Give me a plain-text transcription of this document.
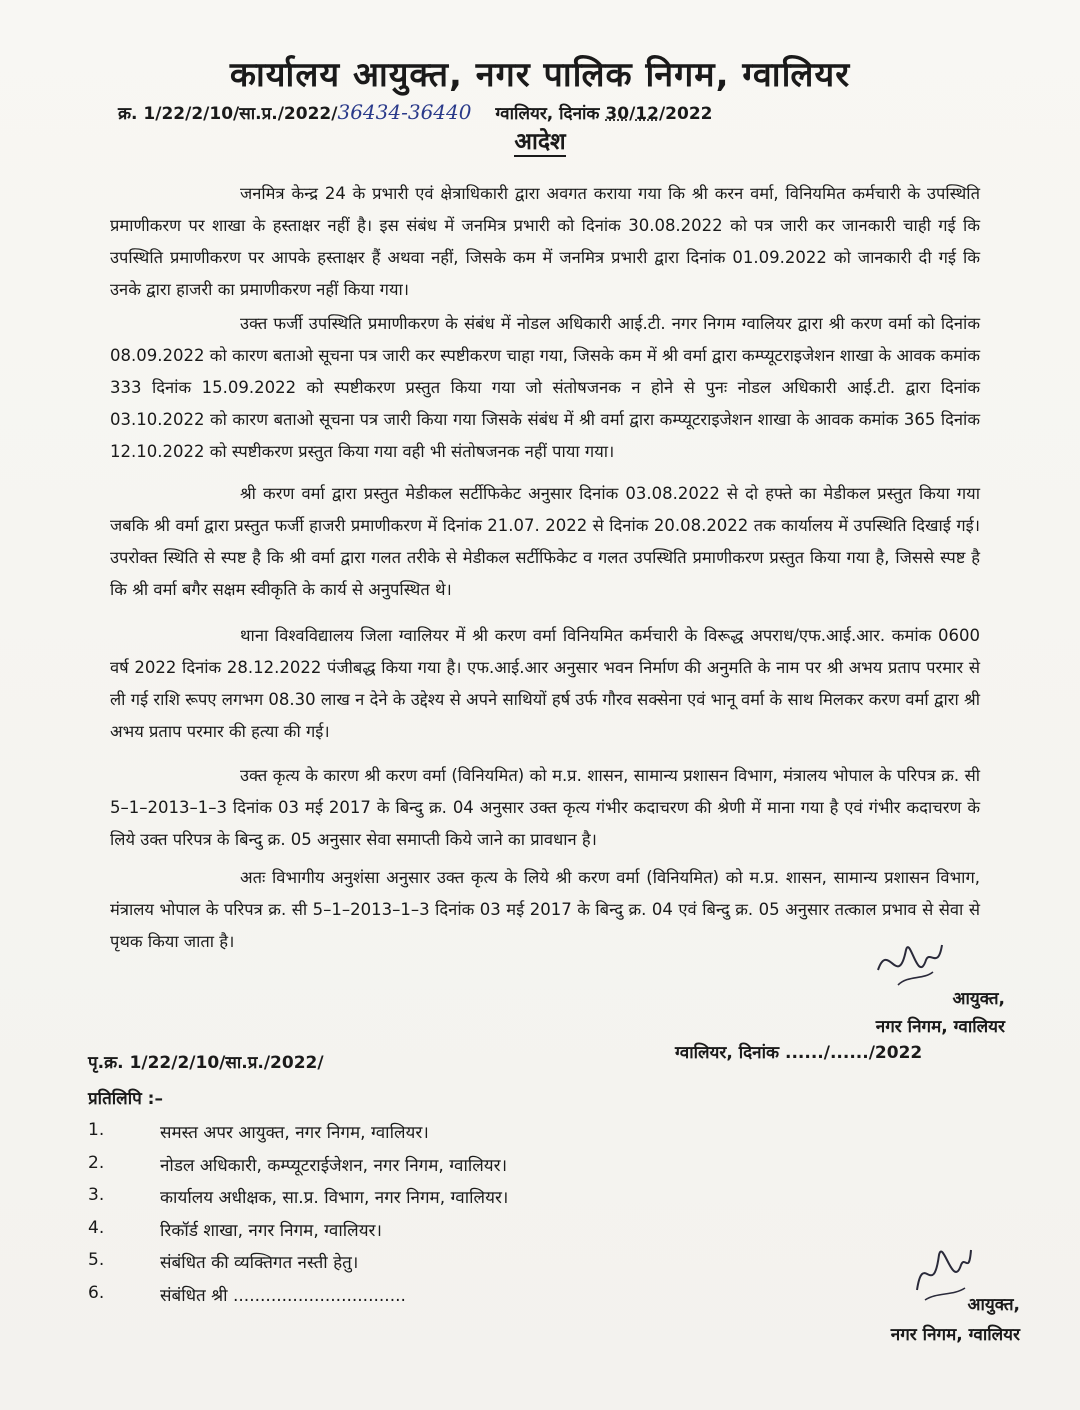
कार्यालय आयुक्त, नगर पालिक निगम, ग्वालियर
क्र. 1/22/2/10/सा.प्र./2022/36434-36440 ग्वालियर, दिनांक 30/12/2022
आदेश

जनमित्र केन्द्र 24 के प्रभारी एवं क्षेत्राधिकारी द्वारा अवगत कराया गया कि श्री करन वर्मा, विनियमित कर्मचारी के उपस्थिति प्रमाणीकरण पर शाखा के हस्ताक्षर नहीं है। इस संबंध में जनमित्र प्रभारी को दिनांक 30.08.2022 को पत्र जारी कर जानकारी चाही गई कि उपस्थिति प्रमाणीकरण पर आपके हस्ताक्षर हैं अथवा नहीं, जिसके कम में जनमित्र प्रभारी द्वारा दिनांक 01.09.2022 को जानकारी दी गई कि उनके द्वारा हाजरी का प्रमाणीकरण नहीं किया गया।

उक्त फर्जी उपस्थिति प्रमाणीकरण के संबंध में नोडल अधिकारी आई.टी. नगर निगम ग्वालियर द्वारा श्री करण वर्मा को दिनांक 08.09.2022 को कारण बताओ सूचना पत्र जारी कर स्पष्टीकरण चाहा गया, जिसके कम में श्री वर्मा द्वारा कम्प्यूटराइजेशन शाखा के आवक कमांक 333 दिनांक 15.09.2022 को स्पष्टीकरण प्रस्तुत किया गया जो संतोषजनक न होने से पुनः नोडल अधिकारी आई.टी. द्वारा दिनांक 03.10.2022 को कारण बताओ सूचना पत्र जारी किया गया जिसके संबंध में श्री वर्मा द्वारा कम्प्यूटराइजेशन शाखा के आवक कमांक 365 दिनांक 12.10.2022 को स्पष्टीकरण प्रस्तुत किया गया वही भी संतोषजनक नहीं पाया गया।

श्री करण वर्मा द्वारा प्रस्तुत मेडीकल सर्टीफिकेट अनुसार दिनांक 03.08.2022 से दो हफ्ते का मेडीकल प्रस्तुत किया गया जबकि श्री वर्मा द्वारा प्रस्तुत फर्जी हाजरी प्रमाणीकरण में दिनांक 21.07. 2022 से दिनांक 20.08.2022 तक कार्यालय में उपस्थिति दिखाई गई। उपरोक्त स्थिति से स्पष्ट है कि श्री वर्मा द्वारा गलत तरीके से मेडीकल सर्टीफिकेट व गलत उपस्थिति प्रमाणीकरण प्रस्तुत किया गया है, जिससे स्पष्ट है कि श्री वर्मा बगैर सक्षम स्वीकृति के कार्य से अनुपस्थित थे।

थाना विश्वविद्यालय जिला ग्वालियर में श्री करण वर्मा विनियमित कर्मचारी के विरूद्ध अपराध/एफ.आई.आर. कमांक 0600 वर्ष 2022 दिनांक 28.12.2022 पंजीबद्ध किया गया है। एफ.आई.आर अनुसार भवन निर्माण की अनुमति के नाम पर श्री अभय प्रताप परमार से ली गई राशि रूपए लगभग 08.30 लाख न देने के उद्देश्य से अपने साथियों हर्ष उर्फ गौरव सक्सेना एवं भानू वर्मा के साथ मिलकर करण वर्मा द्वारा श्री अभय प्रताप परमार की हत्या की गई।

उक्त कृत्य के कारण श्री करण वर्मा (विनियमित) को म.प्र. शासन, सामान्य प्रशासन विभाग, मंत्रालय भोपाल के परिपत्र क्र. सी 5–1–2013–1–3 दिनांक 03 मई 2017 के बिन्दु क्र. 04 अनुसार उक्त कृत्य गंभीर कदाचरण की श्रेणी में माना गया है एवं गंभीर कदाचरण के लिये उक्त परिपत्र के बिन्दु क्र. 05 अनुसार सेवा समाप्ती किये जाने का प्रावधान है।

अतः विभागीय अनुशंसा अनुसार उक्त कृत्य के लिये श्री करण वर्मा (विनियमित) को म.प्र. शासन, सामान्य प्रशासन विभाग, मंत्रालय भोपाल के परिपत्र क्र. सी 5–1–2013–1–3 दिनांक 03 मई 2017 के बिन्दु क्र. 04 एवं बिन्दु क्र. 05 अनुसार तत्काल प्रभाव से सेवा से पृथक किया जाता है।

आयुक्त,
नगर निगम, ग्वालियर
ग्वालियर, दिनांक ....../....../2022
पृ.क्र. 1/22/2/10/सा.प्र./2022/
प्रतिलिपि :–
1.	समस्त अपर आयुक्त, नगर निगम, ग्वालियर।
2.	नोडल अधिकारी, कम्प्यूटराईजेशन, नगर निगम, ग्वालियर।
3.	कार्यालय अधीक्षक, सा.प्र. विभाग, नगर निगम, ग्वालियर।
4.	रिकॉर्ड शाखा, नगर निगम, ग्वालियर।
5.	संबंधित की व्यक्तिगत नस्ती हेतु।
6.	संबंधित श्री ................................	आयुक्त,
नगर निगम, ग्वालियर
